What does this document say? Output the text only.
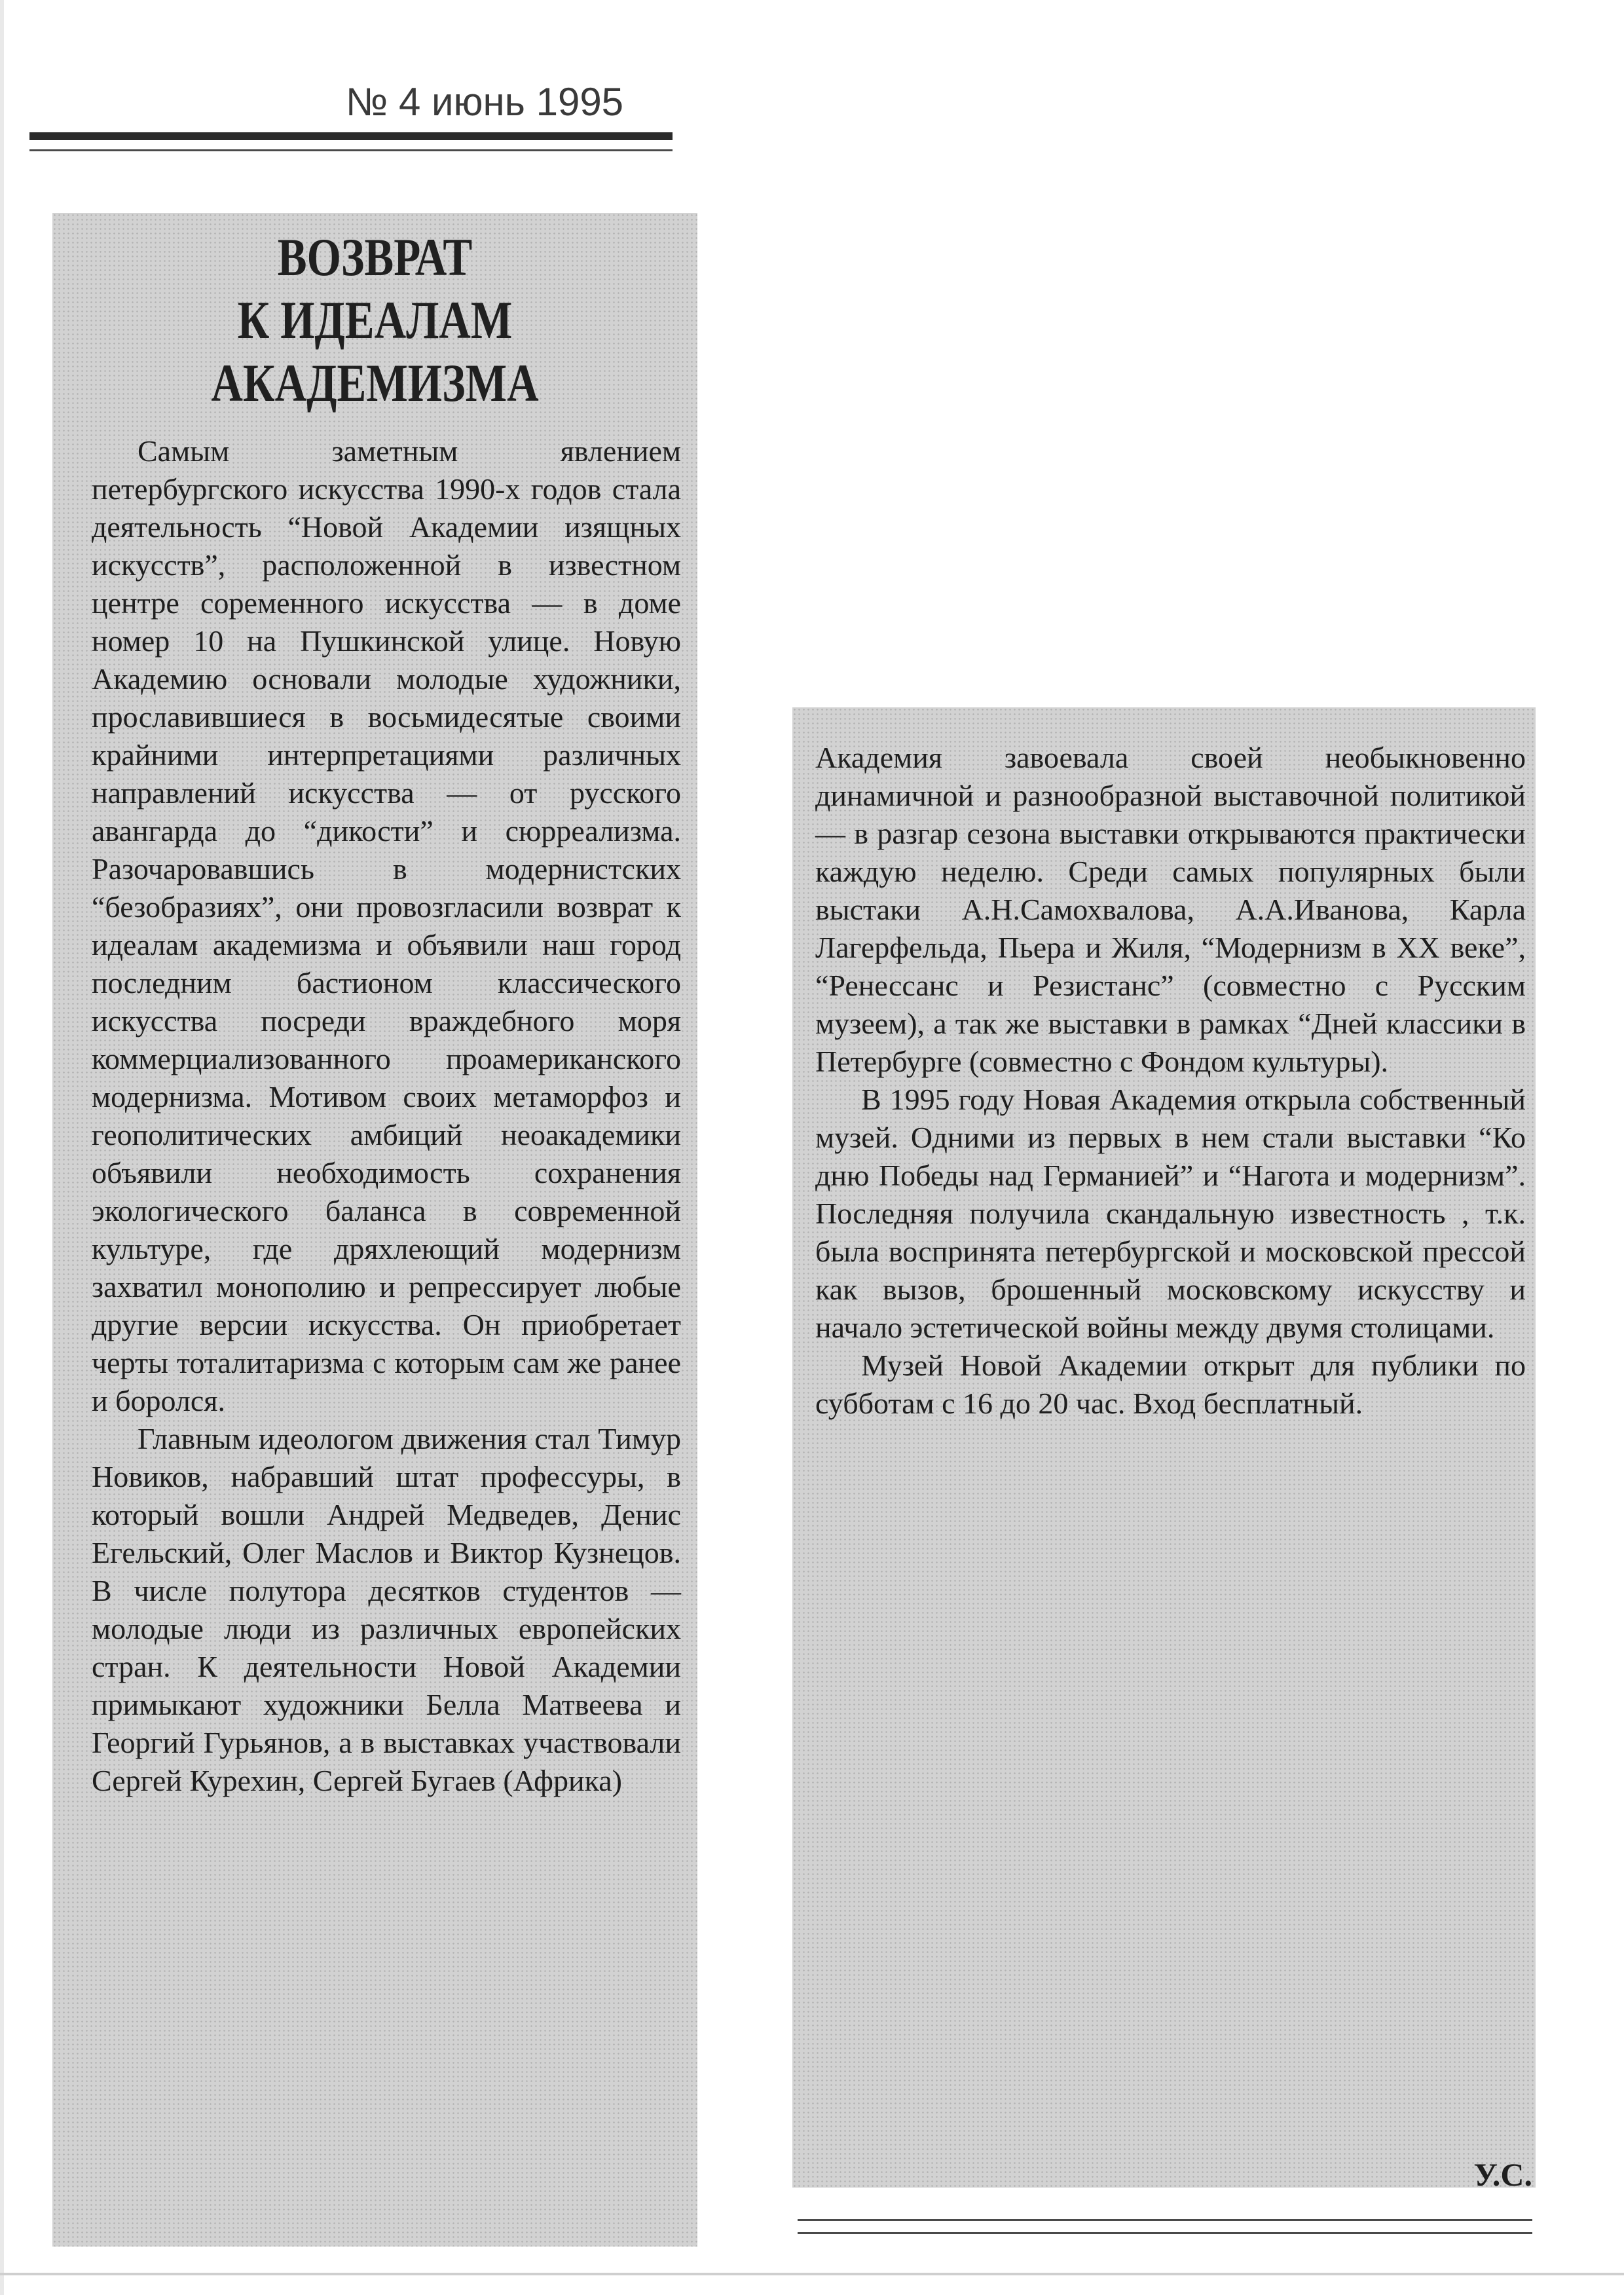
№ 4 июнь 1995
ВОЗВРАТ
К ИДЕАЛАМ
АКАДЕМИЗМА

Самым заметным явлением петербургского искусства 1990-х годов стала деятельность “Новой Академии изящных искусств”, расположенной в известном центре соременного искусства — в доме номер 10 на Пушкинской улице. Новую Академию основали молодые художники, прославившиеся в восьмидесятые своими крайними интерпретациями различных направлений искусства — от русского авангарда до “дикости” и сюрреализма. Разочаровавшись в модернистских “безобразиях”, они провозгласили возврат к идеалам академизма и объявили наш город последним бастионом классического искусства посреди враждебного моря коммерциализованного проамериканского модернизма. Мотивом своих метаморфоз и геополитических амбиций неоакадемики объявили необходимость сохранения экологического баланса в современной культуре, где дряхлеющий модернизм захватил монополию и репрессирует любые другие версии искусства. Он приобретает черты тоталитаризма с которым сам же ранее и боролся.

Главным идеологом движения стал Тимур Новиков, набравший штат профессуры, в который вошли Андрей Медведев, Денис Егельский, Олег Маслов и Виктор Кузнецов. В числе полутора десятков студентов — молодые люди из различных европейских стран. К деятельности Новой Академии примыкают художники Белла Матвеева и Георгий Гурьянов, а в выставках участвовали Сергей Курехин, Сергей Бугаев (Африка)

Академия завоевала своей необыкновенно динамичной и разнообразной выставочной политикой — в разгар сезона выставки открываются практически каждую неделю. Среди самых популярных были выстаки А.Н.Самохвалова, А.А.Иванова, Карла Лагерфельда, Пьера и Жиля, “Модернизм в XX веке”, “Ренессанс и Резистанс” (совместно с Русским музеем), а так же выставки в рамках “Дней классики в Петербурге (совместно с Фондом культуры).

В 1995 году Новая Академия открыла собственный музей. Одними из первых в нем стали выставки “Ко дню Победы над Германией” и “Нагота и модернизм”. Последняя получила скандальную известность , т.к. была воспринята петербургской и московской прессой как вызов, брошенный московскому искусству и начало эстетической войны между двумя столицами.

Музей Новой Академии открыт для публики по субботам с 16 до 20 час. Вход бесплатный.

У.С.
